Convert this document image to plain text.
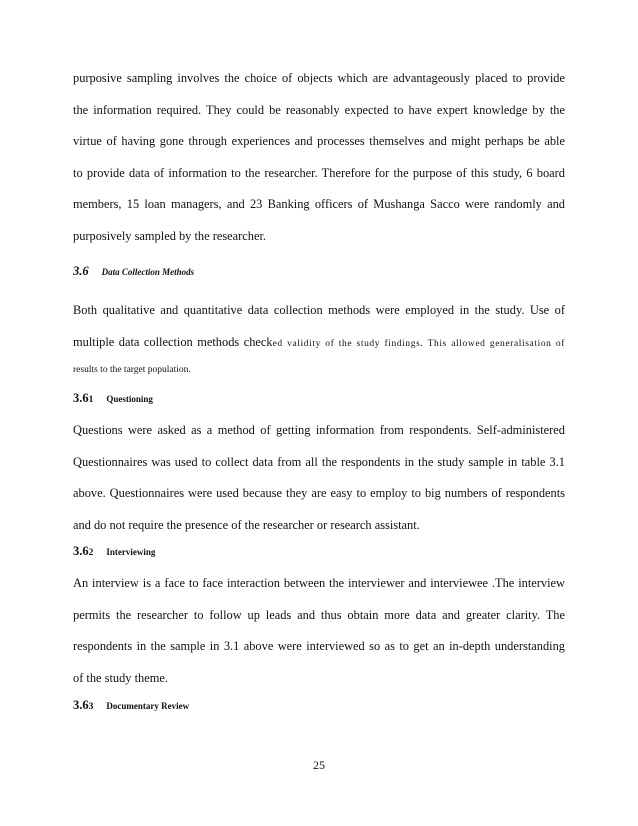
purposive sampling involves the choice of objects which are advantageously placed to provide
the information required. They could be reasonably expected to have expert knowledge by the
virtue of having gone through experiences and processes themselves and might perhaps be able
to provide data of information to the researcher. Therefore for the purpose of this study, 6 board
members, 15 loan managers, and 23 Banking officers of Mushanga Sacco were randomly and
purposively sampled by the researcher.
3.6 Data Collection Methods
Both qualitative and quantitative data collection methods were employed in the study. Use of
multiple data collection methods checked validity of the study findings. This allowed generalisation of
results to the target population.
3.61 Questioning
Questions were asked as a method of getting information from respondents. Self-administered
Questionnaires was used to collect data from all the respondents in the study sample in table 3.1
above. Questionnaires were used because they are easy to employ to big numbers of respondents
and do not require the presence of the researcher or research assistant.
3.62 Interviewing
An interview is a face to face interaction between the interviewer and interviewee .The interview
permits the researcher to follow up leads and thus obtain more data and greater clarity. The
respondents in the sample in 3.1 above were interviewed so as to get an in-depth understanding
of the study theme.
3.63 Documentary Review
25
